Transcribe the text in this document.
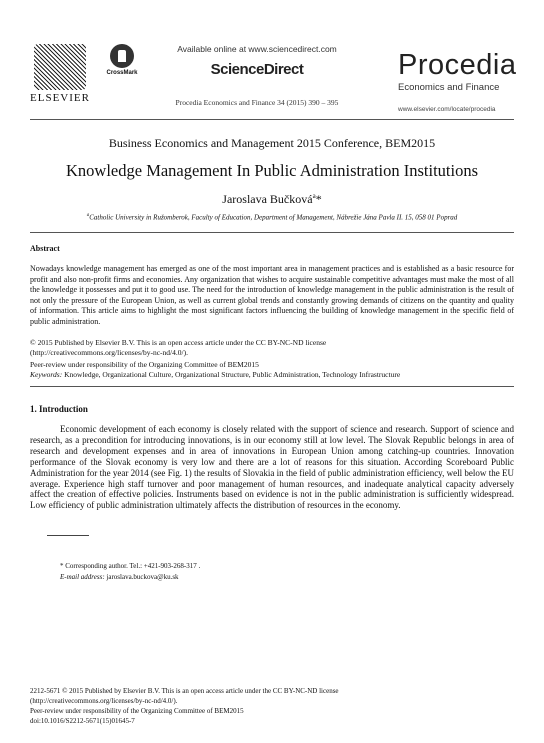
ELSEVIER
CrossMark
Available online at www.sciencedirect.com
ScienceDirect
Procedia Economics and Finance 34 (2015) 390 – 395
Procedia
Economics and Finance
www.elsevier.com/locate/procedia
Business Economics and Management 2015 Conference, BEM2015
Knowledge Management In Public Administration Institutions
Jaroslava Bučková$^a$*
$^a$Catholic University in Ružomberok, Faculty of Education, Department of Management, Nábrežie Jána Pavla II. 15, 058 01 Poprad
Abstract
Nowadays knowledge management has emerged as one of the most important area in management practices and is established as a basic resource for profit and also non-profit firms and economies. Any organization that wishes to acquire sustainable competitive advantages must make the most of all the knowledge it possesses and put it to good use. The need for the introduction of knowledge management in the public administration is the result of not only the pressure of the European Union, as well as current global trends and constantly growing demands of citizens on the quantity and quality of information. This article aims to highlight the most significant factors influencing the building of knowledge management in the specific field of public administration.
© 2015 Published by Elsevier B.V. This is an open access article under the CC BY-NC-ND license
(http://creativecommons.org/licenses/by-nc-nd/4.0/).
Peer-review under responsibility of the Organizing Committee of BEM2015
Keywords: Knowledge, Organizational Culture, Organizational Structure, Public Administration, Technology Infrastructure
1. Introduction
Economic development of each economy is closely related with the support of science and research. Support of science and research, as a precondition for introducing innovations, is in our economy still at low level. The Slovak Republic belongs in area of research and development expenses and in area of innovations in European Union among catching-up countries. Innovation performance of the Slovak economy is very low and there are a lot of reasons for this situation. According Scoreboard Public Administration for the year 2014 (see Fig. 1) the results of Slovakia in the field of public administration efficiency, well below the EU average. Experience high staff turnover and poor management of human resources, and inadequate analytical capacity adversely affect the creation of effective policies. Instruments based on evidence is not in the public administration is sufficiently widespread. Low efficiency of public administration ultimately affects the distribution of resources in the economy.
* Corresponding author. Tel.: +421-903-268-317 .
E-mail address: jaroslava.buckova@ku.sk
2212-5671 © 2015 Published by Elsevier B.V. This is an open access article under the CC BY-NC-ND license
(http://creativecommons.org/licenses/by-nc-nd/4.0/).
Peer-review under responsibility of the Organizing Committee of BEM2015
doi:10.1016/S2212-5671(15)01645-7
